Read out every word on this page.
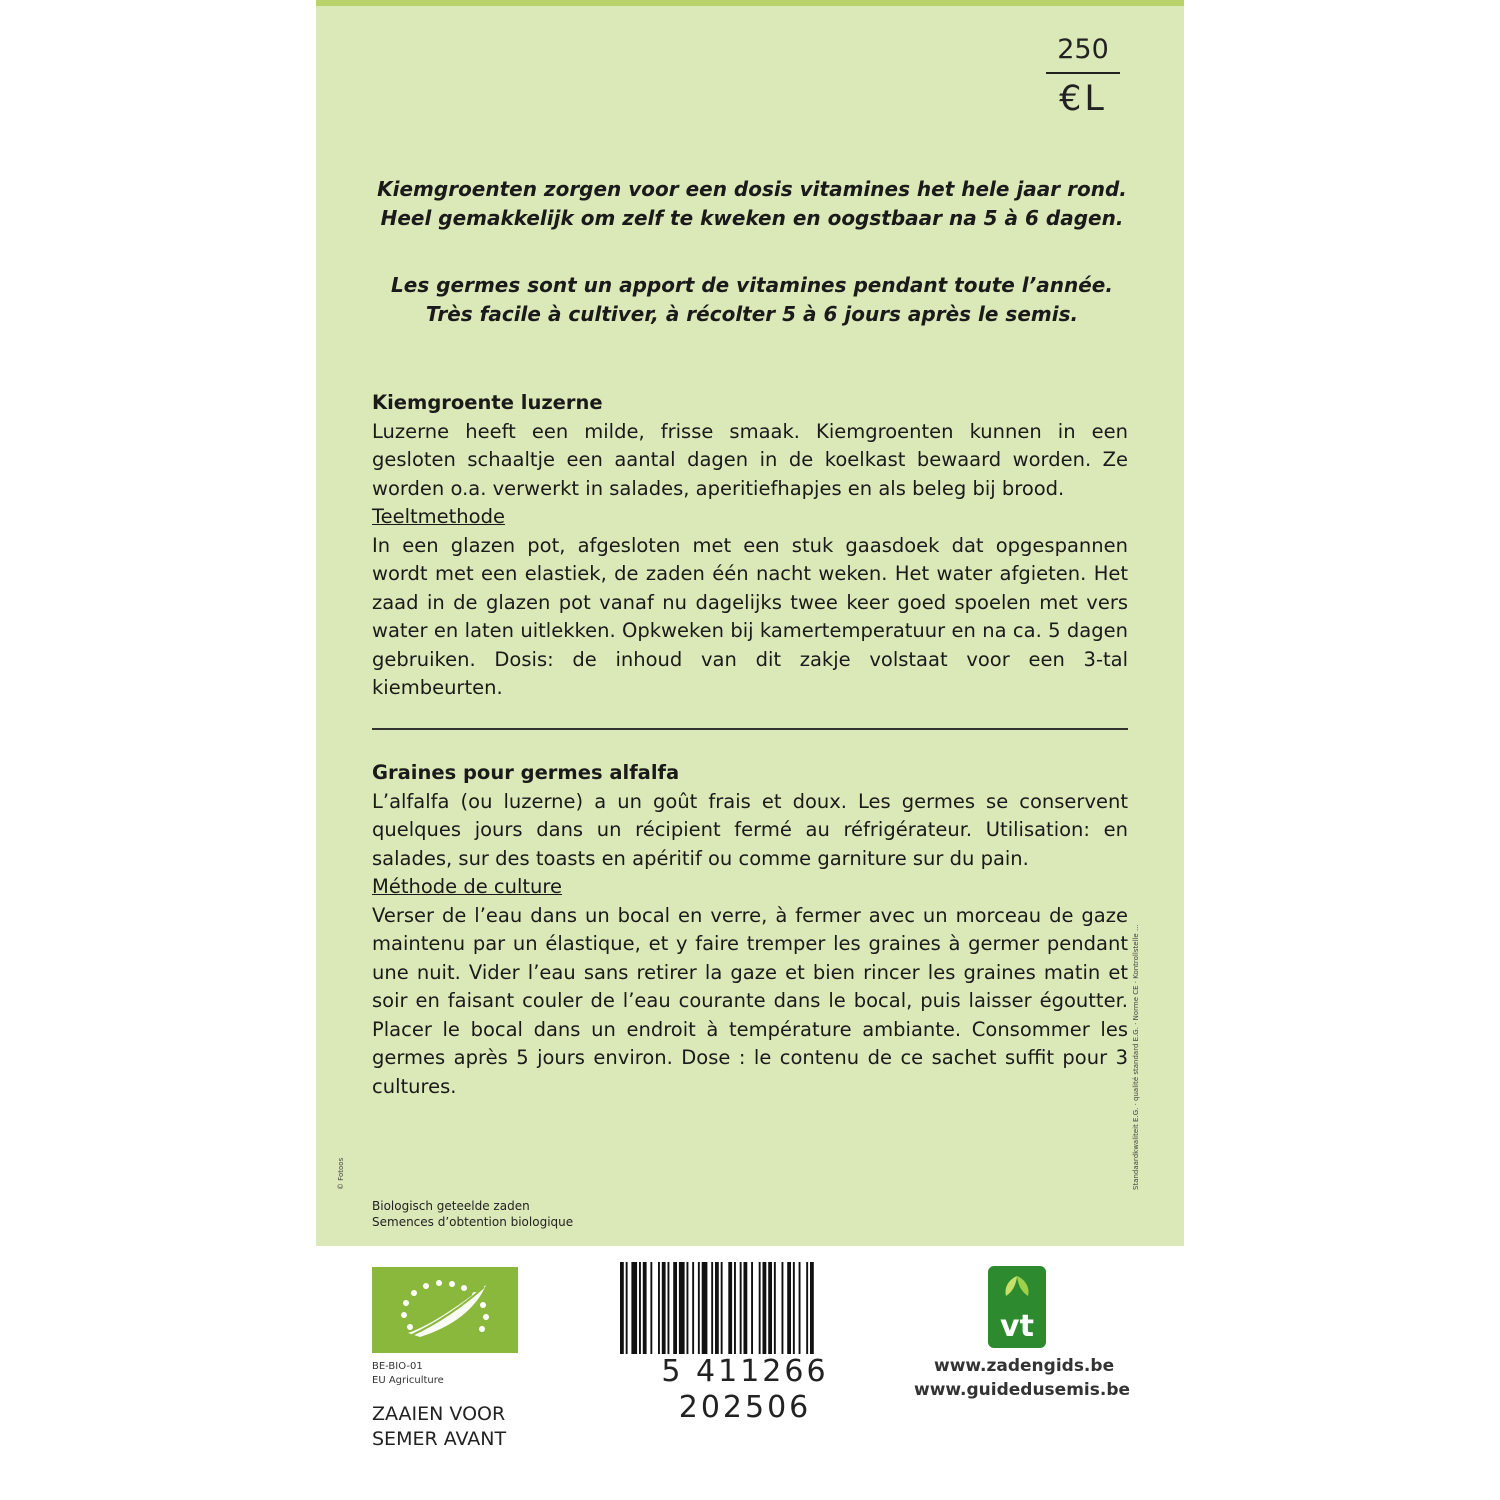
250
€L
Kiemgroenten zorgen voor een dosis vitamines het hele jaar rond.
Heel gemakkelijk om zelf te kweken en oogstbaar na 5 à 6 dagen.
Les germes sont un apport de vitamines pendant toute l’année.
Très facile à cultiver, à récolter 5 à 6 jours après le semis.
Kiemgroente luzerne

Luzerne heeft een milde, frisse smaak. Kiemgroenten kunnen in een gesloten schaaltje een aantal dagen in de koelkast bewaard worden. Ze worden o.a. verwerkt in salades, aperitiefhapjes en als beleg bij brood.

Teeltmethode

In een glazen pot, afgesloten met een stuk gaasdoek dat opgespannen wordt met een elastiek, de zaden één nacht weken. Het water afgieten. Het zaad in de glazen pot vanaf nu dagelijks twee keer goed spoelen met vers water en laten uitlekken. Opkweken bij kamertemperatuur en na ca. 5 dagen gebruiken. Dosis: de inhoud van dit zakje volstaat voor een 3-tal kiembeurten.

Graines pour germes alfalfa

L’alfalfa (ou luzerne) a un goût frais et doux. Les germes se conservent quelques jours dans un récipient fermé au réfrigérateur. Utilisation: en salades, sur des toasts en apéritif ou comme garniture sur du pain.

Méthode de culture

Verser de l’eau dans un bocal en verre, à fermer avec un morceau de gaze maintenu par un élastique, et y faire tremper les graines à germer pendant une nuit. Vider l’eau sans retirer la gaze et bien rincer les graines matin et soir en faisant couler de l’eau courante dans le bocal, puis laisser égoutter. Placer le bocal dans un endroit à température ambiante. Consommer les germes après 5 jours environ. Dose : le contenu de ce sachet suffit pour 3 cultures.	Standaardkwaliteit E.G. · qualité standard E.G. · Norme CE · Kontrollstelle ...
© Fotoos
Biologisch geteelde zaden
Semences d’obtention biologique
BE-BIO-01
EU Agriculture
ZAAIEN VOOR
SEMER AVANT
5 411266 202506
vt
www.zadengids.be
www.guidedusemis.be
